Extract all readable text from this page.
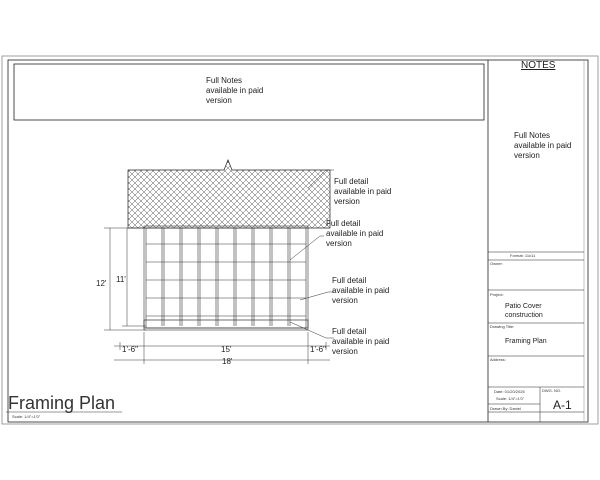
Full Notes
available in paid
version
NOTES
Full Notes
available in paid
version
Full detail
available in paid
version
Full detail
available in paid
version
Full detail
available in paid
version
Full detail
available in paid
version
12' 11'
1'-6"	15'	1'-6"
18'
Format: 11x11
Owner:
Project:
Patio Cover
construction
Drawing Title:
Framing Plan
Address:
Date: 01/20/2026
Scale: 1/4"=1'0"
Drawn By: Daniel
DWG. NO.
A-1
Framing Plan
Scale: 1/4"=1'0"
